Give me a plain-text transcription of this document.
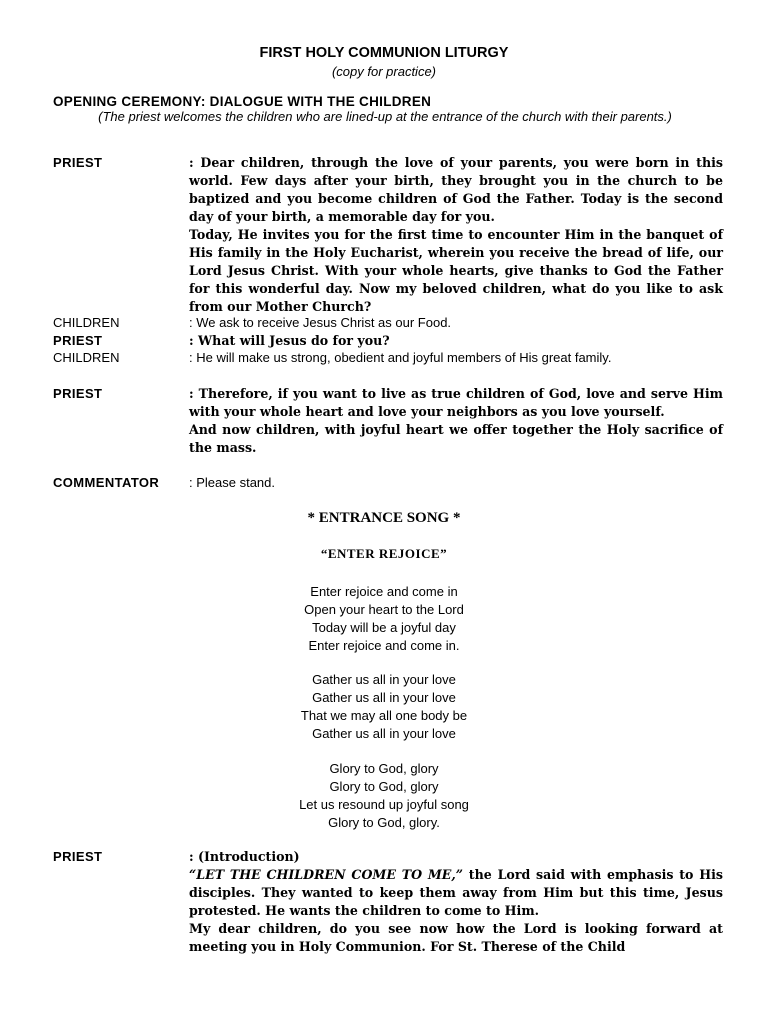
FIRST HOLY COMMUNION LITURGY
(copy for practice)
OPENING CEREMONY: DIALOGUE WITH THE CHILDREN
(The priest welcomes the children who are lined-up at the entrance of the church with their parents.)
PRIEST	: Dear children, through the love of your parents, you were born in this world. Few days after your birth, they brought you in the church to be baptized and you become children of God the Father. Today is the second day of your birth, a memorable day for you.

Today, He invites you for the first time to encounter Him in the banquet of His family in the Holy Eucharist, wherein you receive the bread of life, our Lord Jesus Christ. With your whole hearts, give thanks to God the Father for this wonderful day. Now my beloved children, what do you like to ask from our Mother Church?

CHILDREN	: We ask to receive Jesus Christ as our Food.
PRIEST	: What will Jesus do for you?
CHILDREN	: He will make us strong, obedient and joyful members of His great family.
PRIEST	: Therefore, if you want to live as true children of God, love and serve Him with your whole heart and love your neighbors as you love yourself.

And now children, with joyful heart we offer together the Holy sacrifice of the mass.

COMMENTATOR	: Please stand.
* ENTRANCE SONG *
“ENTER REJOICE”
Enter rejoice and come in
Open your heart to the Lord
Today will be a joyful day
Enter rejoice and come in.
Gather us all in your love
Gather us all in your love
That we may all one body be
Gather us all in your love
Glory to God, glory
Glory to God, glory
Let us resound up joyful song
Glory to God, glory.
PRIEST	: (Introduction)

“LET THE CHILDREN COME TO ME,” the Lord said with emphasis to His disciples. They wanted to keep them away from Him but this time, Jesus protested. He wants the children to come to Him.

My dear children, do you see now how the Lord is looking forward at meeting you in Holy Communion. For St. Therese of the Child
